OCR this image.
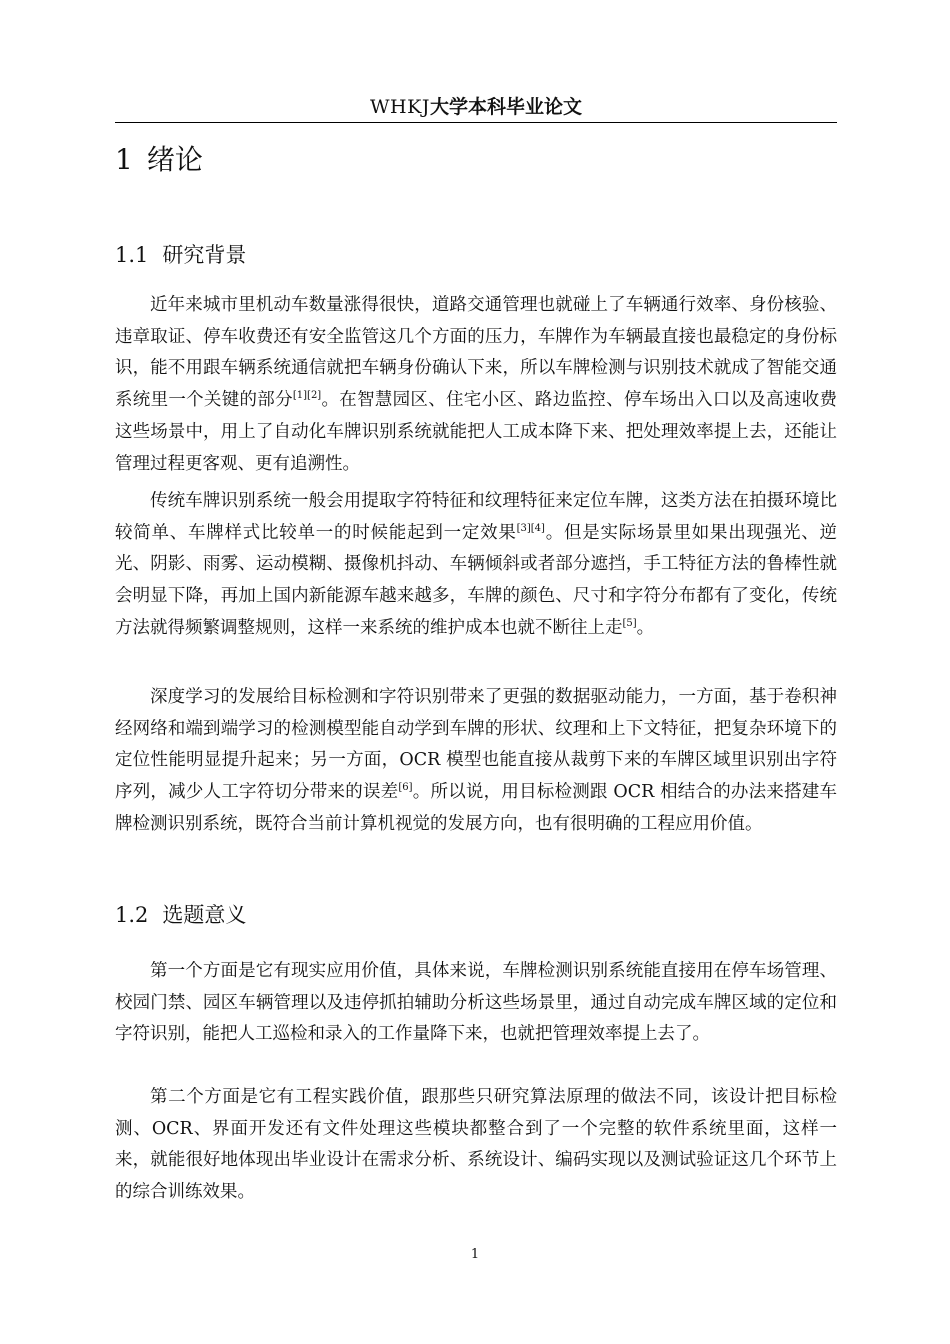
WHKJ大学本科毕业论文
1 绪论
1.1 研究背景

近年来城市里机动车数量涨得很快，道路交通管理也就碰上了车辆通行效率、身份核验、违章取证、停车收费还有安全监管这几个方面的压力，车牌作为车辆最直接也最稳定的身份标识，能不用跟车辆系统通信就把车辆身份确认下来，所以车牌检测与识别技术就成了智能交通系统里一个关键的部分[1][2]。在智慧园区、住宅小区、路边监控、停车场出入口以及高速收费这些场景中，用上了自动化车牌识别系统就能把人工成本降下来、把处理效率提上去，还能让管理过程更客观、更有追溯性。

传统车牌识别系统一般会用提取字符特征和纹理特征来定位车牌，这类方法在拍摄环境比较简单、车牌样式比较单一的时候能起到一定效果[3][4]。但是实际场景里如果出现强光、逆光、阴影、雨雾、运动模糊、摄像机抖动、车辆倾斜或者部分遮挡，手工特征方法的鲁棒性就会明显下降，再加上国内新能源车越来越多，车牌的颜色、尺寸和字符分布都有了变化，传统方法就得频繁调整规则，这样一来系统的维护成本也就不断往上走[5]。

深度学习的发展给目标检测和字符识别带来了更强的数据驱动能力，一方面，基于卷积神经网络和端到端学习的检测模型能自动学到车牌的形状、纹理和上下文特征，把复杂环境下的定位性能明显提升起来；另一方面，OCR 模型也能直接从裁剪下来的车牌区域里识别出字符序列，减少人工字符切分带来的误差[6]。所以说，用目标检测跟 OCR 相结合的办法来搭建车牌检测识别系统，既符合当前计算机视觉的发展方向，也有很明确的工程应用价值。

1.2 选题意义

第一个方面是它有现实应用价值，具体来说，车牌检测识别系统能直接用在停车场管理、校园门禁、园区车辆管理以及违停抓拍辅助分析这些场景里，通过自动完成车牌区域的定位和字符识别，能把人工巡检和录入的工作量降下来，也就把管理效率提上去了。

第二个方面是它有工程实践价值，跟那些只研究算法原理的做法不同，该设计把目标检测、OCR、界面开发还有文件处理这些模块都整合到了一个完整的软件系统里面，这样一来，就能很好地体现出毕业设计在需求分析、系统设计、编码实现以及测试验证这几个环节上的综合训练效果。

1
